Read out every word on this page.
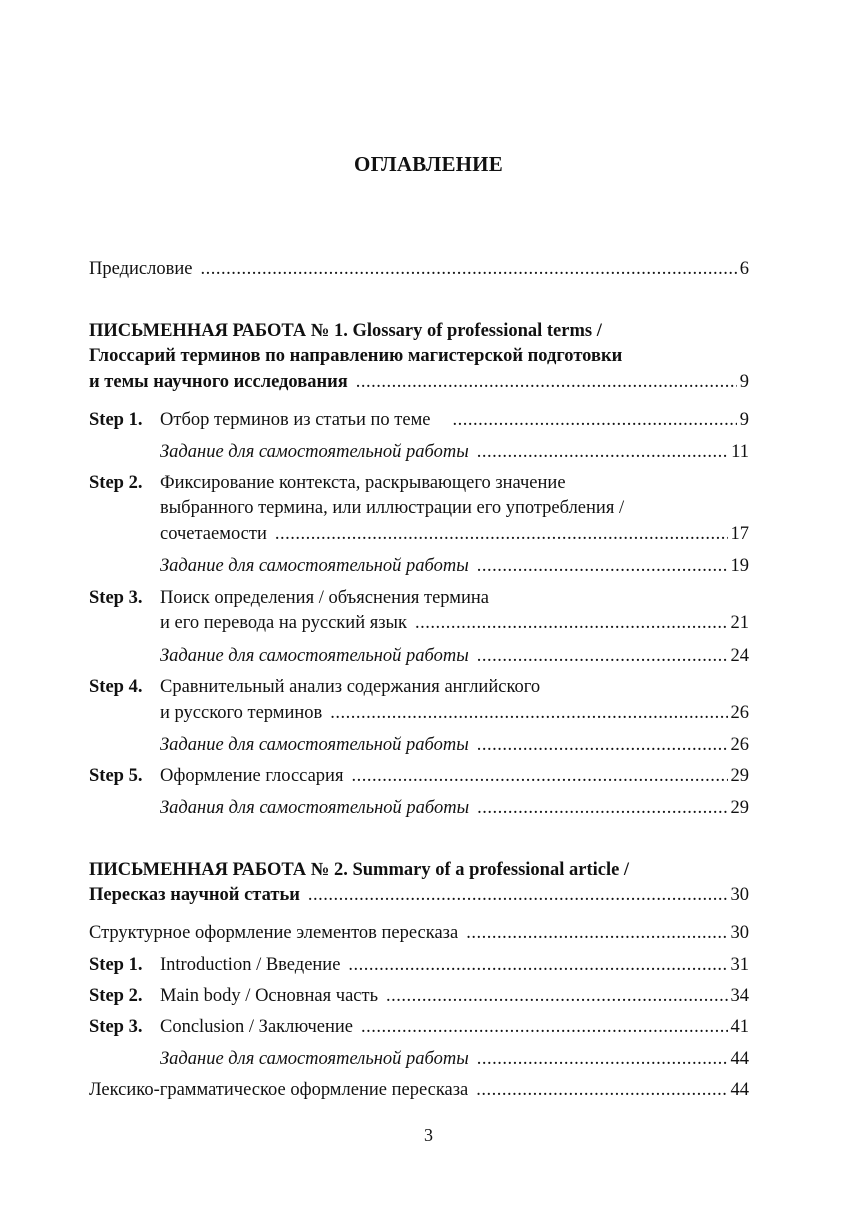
ОГЛАВЛЕНИЕ
Предисловие .....	6
ПИСЬМЕННАЯ РАБОТА № 1. Glossary of professional terms /
Глоссарий терминов по направлению магистерской подготовки
и темы научного исследования .....	9
Step 1. Отбор терминов из статьи по теме .....	9
Задание для самостоятельной работы .....	11
Step 2. Фиксирование контекста, раскрывающего значение
выбранного термина, или иллюстрации его употребления /
сочетаемости .....	17
Задание для самостоятельной работы .....	19
Step 3. Поиск определения / объяснения термина
и его перевода на русский язык .....	21
Задание для самостоятельной работы .....	24
Step 4. Сравнительный анализ содержания английского
и русского терминов .....	26
Задание для самостоятельной работы .....	26
Step 5. Оформление глоссария .....	29
Задания для самостоятельной работы .....	29
ПИСЬМЕННАЯ РАБОТА № 2. Summary of a professional article /
Пересказ научной статьи .....	30
Структурное оформление элементов пересказа .....	30
Step 1. Introduction / Введение .....	31
Step 2. Main body / Основная часть .....	34
Step 3. Conclusion / Заключение .....	41
Задание для самостоятельной работы .....	44
Лексико-грамматическое оформление пересказа .....	44
3
